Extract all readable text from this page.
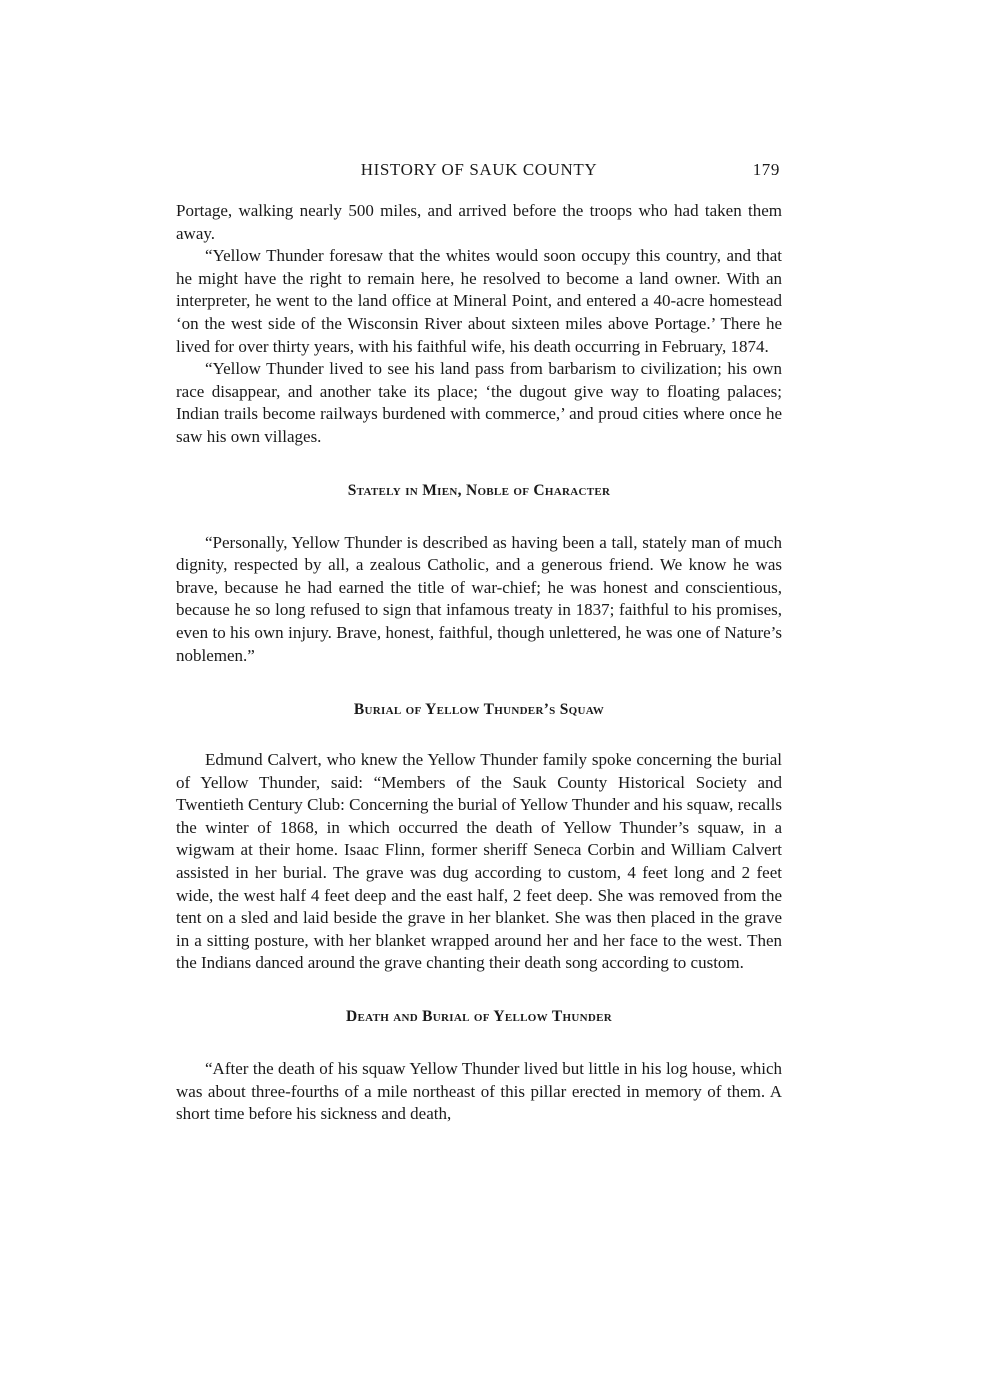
HISTORY OF SAUK COUNTY	179

Portage, walking nearly 500 miles, and arrived before the troops who had taken them away.

“Yellow Thunder foresaw that the whites would soon occupy this country, and that he might have the right to remain here, he resolved to become a land owner. With an interpreter, he went to the land office at Mineral Point, and entered a 40-acre homestead ‘on the west side of the Wisconsin River about sixteen miles above Portage.’ There he lived for over thirty years, with his faithful wife, his death occurring in February, 1874.

“Yellow Thunder lived to see his land pass from barbarism to civilization; his own race disappear, and another take its place; ‘the dugout give way to floating palaces; Indian trails become railways burdened with commerce,’ and proud cities where once he saw his own villages.

Stately in Mien, Noble of Character

“Personally, Yellow Thunder is described as having been a tall, stately man of much dignity, respected by all, a zealous Catholic, and a generous friend. We know he was brave, because he had earned the title of war-chief; he was honest and conscientious, because he so long refused to sign that infamous treaty in 1837; faithful to his promises, even to his own injury. Brave, honest, faithful, though unlettered, he was one of Nature’s noblemen.”

Burial of Yellow Thunder’s Squaw

Edmund Calvert, who knew the Yellow Thunder family spoke concerning the burial of Yellow Thunder, said: “Members of the Sauk County Historical Society and Twentieth Century Club: Concerning the burial of Yellow Thunder and his squaw, recalls the winter of 1868, in which occurred the death of Yellow Thunder’s squaw, in a wigwam at their home. Isaac Flinn, former sheriff Seneca Corbin and William Calvert assisted in her burial. The grave was dug according to custom, 4 feet long and 2 feet wide, the west half 4 feet deep and the east half, 2 feet deep. She was removed from the tent on a sled and laid beside the grave in her blanket. She was then placed in the grave in a sitting posture, with her blanket wrapped around her and her face to the west. Then the Indians danced around the grave chanting their death song according to custom.

Death and Burial of Yellow Thunder

“After the death of his squaw Yellow Thunder lived but little in his log house, which was about three-fourths of a mile northeast of this pillar erected in memory of them. A short time before his sickness and death,
